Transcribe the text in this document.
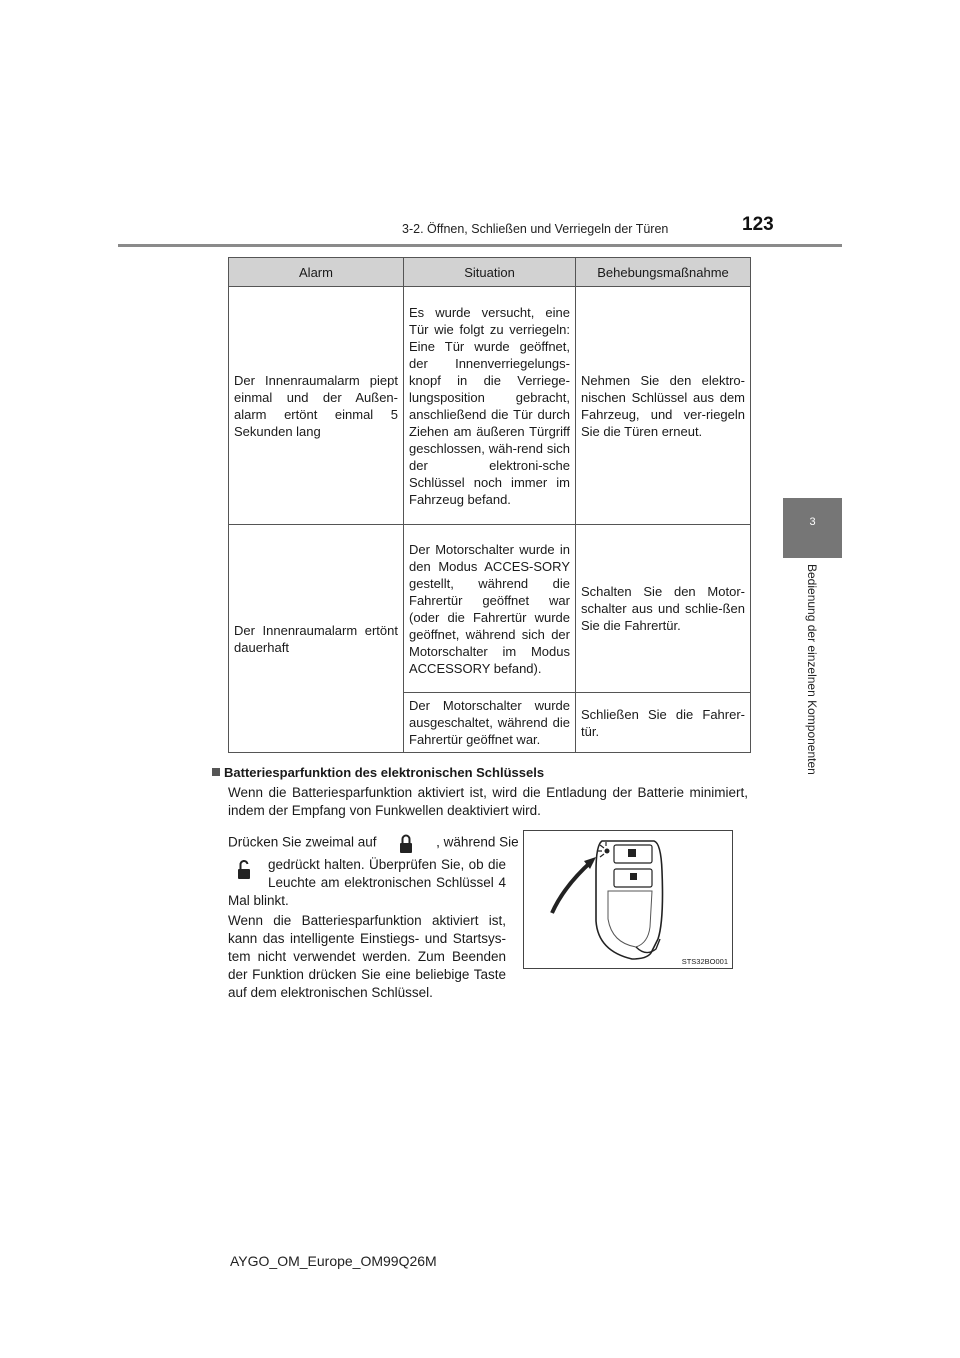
3-2. Öffnen, Schließen und Verriegeln der Türen	123
3
Bedienung der einzelnen Komponenten
Alarm	Situation	Behebungsmaßnahme
Der Innenraumalarm piept einmal und der Außen-alarm ertönt einmal 5 Sekunden lang	Es wurde versucht, eine Tür wie folgt zu verriegeln: Eine Tür wurde geöffnet, der Innenverriegelungs-knopf in die Verriege-lungsposition gebracht, anschließend die Tür durch Ziehen am äußeren Türgriff geschlossen, wäh-rend sich der elektroni-sche Schlüssel noch immer im Fahrzeug befand.	Nehmen Sie den elektro-nischen Schlüssel aus dem Fahrzeug, und ver-riegeln Sie die Türen erneut.
Der Innenraumalarm ertönt dauerhaft	Der Motorschalter wurde in den Modus ACCES-SORY gestellt, während die Fahrertür geöffnet war (oder die Fahrertür wurde geöffnet, während sich der Motorschalter im Modus ACCESSORY befand).	Schalten Sie den Motor-schalter aus und schlie-ßen Sie die Fahrertür.
	Der Motorschalter wurde ausgeschaltet, während die Fahrertür geöffnet war.	Schließen Sie die Fahrer-tür.
Batteriesparfunktion des elektronischen Schlüssels
Wenn die Batteriesparfunktion aktiviert ist, wird die Entladung der Batterie minimiert, indem der Empfang von Funkwellen deaktiviert wird.
Drücken Sie zweimal auf	, während Sie
gedrückt halten. Überprüfen Sie, ob die Leuchte am elektronischen Schlüssel 4 Mal blinkt.
Wenn die Batteriesparfunktion aktiviert ist, kann das intelligente Einstiegs- und Startsys-tem nicht verwendet werden. Zum Beenden der Funktion drücken Sie eine beliebige Taste auf dem elektronischen Schlüssel.
STS32BO001
AYGO_OM_Europe_OM99Q26M
